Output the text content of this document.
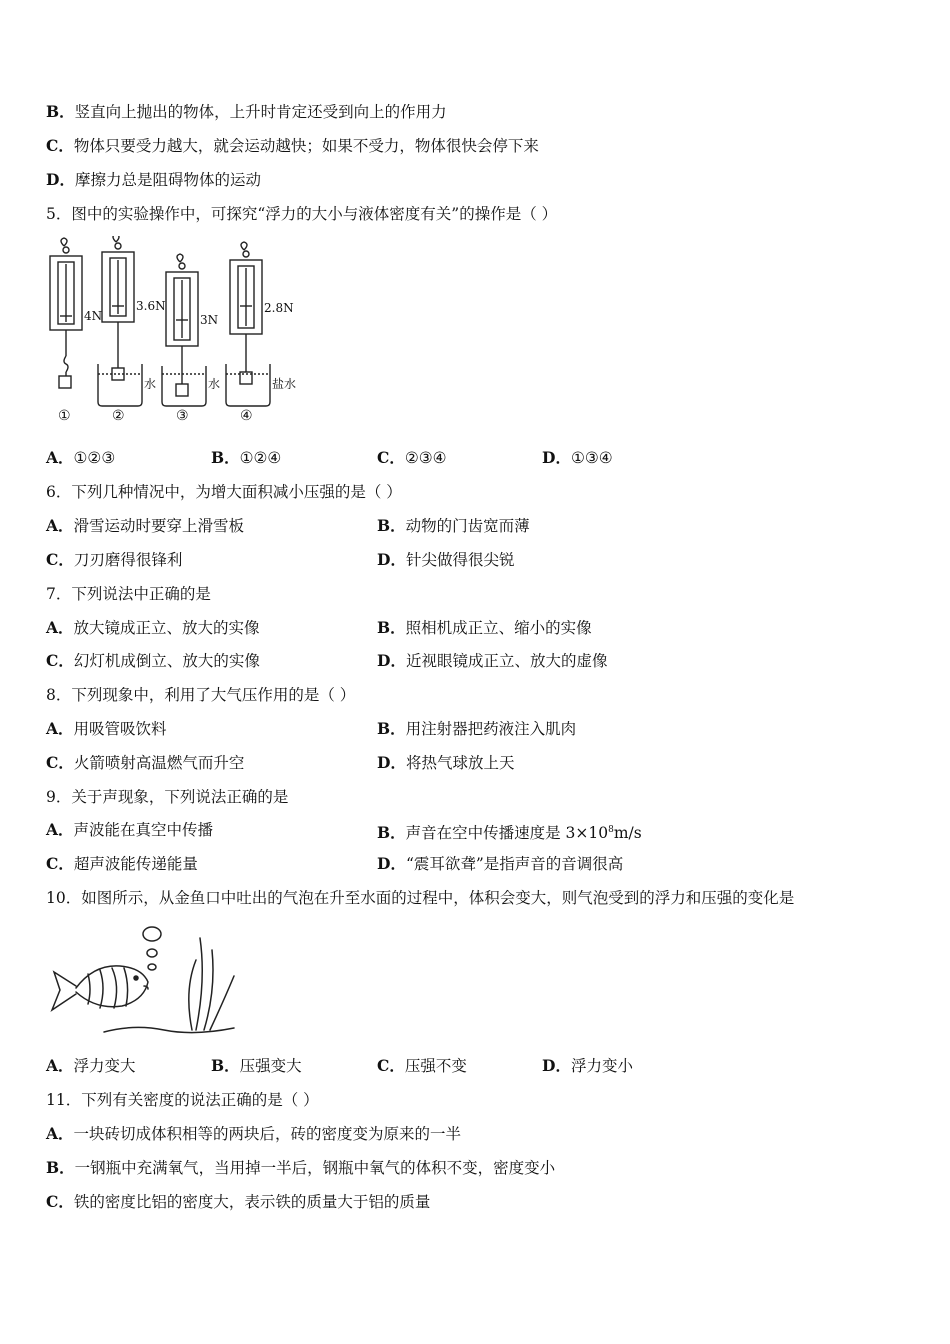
B．竖直向上抛出的物体，上升时肯定还受到向上的作用力
C．物体只要受力越大，就会运动越快；如果不受力，物体很快会停下来
D．摩擦力总是阻碍物体的运动
5．图中的实验操作中，可探究“浮力的大小与液体密度有关”的操作是（ ）
4N
3.6N
3N
2.8N
水	水	盐水
①	②	③	④
A．①②③	B．①②④	C．②③④	D．①③④
6．下列几种情况中，为增大面积减小压强的是（ ）
A．滑雪运动时要穿上滑雪板	B．动物的门齿宽而薄
C．刀刃磨得很锋利	D．针尖做得很尖锐
7．下列说法中正确的是
A．放大镜成正立、放大的实像	B．照相机成正立、缩小的实像
C．幻灯机成倒立、放大的实像	D．近视眼镜成正立、放大的虚像
8．下列现象中，利用了大气压作用的是（ ）
A．用吸管吸饮料	B．用注射器把药液注入肌肉
C．火箭喷射高温燃气而升空	D．将热气球放上天
9．关于声现象，下列说法正确的是
A．声波能在真空中传播	B．声音在空中传播速度是 $3\times 10^8m/s$
C．超声波能传递能量	D．“震耳欲聋”是指声音的音调很高
10．如图所示，从金鱼口中吐出的气泡在升至水面的过程中，体积会变大，则气泡受到的浮力和压强的变化是
A．浮力变大	B．压强变大	C．压强不变	D．浮力变小
11．下列有关密度的说法正确的是（ ）
A．一块砖切成体积相等的两块后，砖的密度变为原来的一半
B．一钢瓶中充满氧气，当用掉一半后，钢瓶中氧气的体积不变，密度变小
C．铁的密度比铝的密度大，表示铁的质量大于铝的质量
